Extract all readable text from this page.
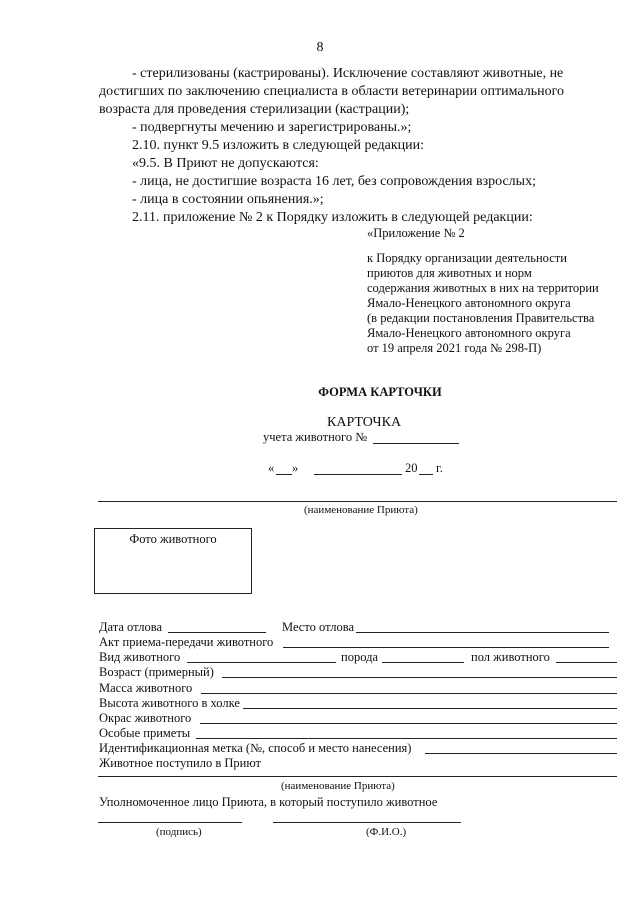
8
- стерилизованы (кастрированы). Исключение составляют животные, не
достигших по заключению специалиста в области ветеринарии оптимального
возраста для проведения стерилизации (кастрации);
- подвергнуты мечению и зарегистрированы.»;
2.10. пункт 9.5 изложить в следующей редакции:
«9.5. В Приют не допускаются:
- лица, не достигшие возраста 16 лет, без сопровождения взрослых;
- лица в состоянии опьянения.»;
2.11. приложение № 2 к Порядку изложить в следующей редакции:
«Приложение № 2
к Порядку организации деятельности
приютов для животных и норм
содержания животных в них на территории
Ямало-Ненецкого автономного округа
(в редакции постановления Правительства
Ямало-Ненецкого автономного округа
от 19 апреля 2021 года № 298-П)
ФОРМА КАРТОЧКИ
КАРТОЧКА
учета животного №
« »	20 г.
(наименование Приюта)
Фото животного
Дата отлова	Место отлова
Акт приема-передачи животного
Вид животного	порода	пол животного
Возраст (примерный)
Масса животного
Высота животного в холке
Окрас животного
Особые приметы
Идентификационная метка (№, способ и место нанесения)
Животное поступило в Приют
(наименование Приюта)
Уполномоченное лицо Приюта, в который поступило животное
(подпись)	(Ф.И.О.)
